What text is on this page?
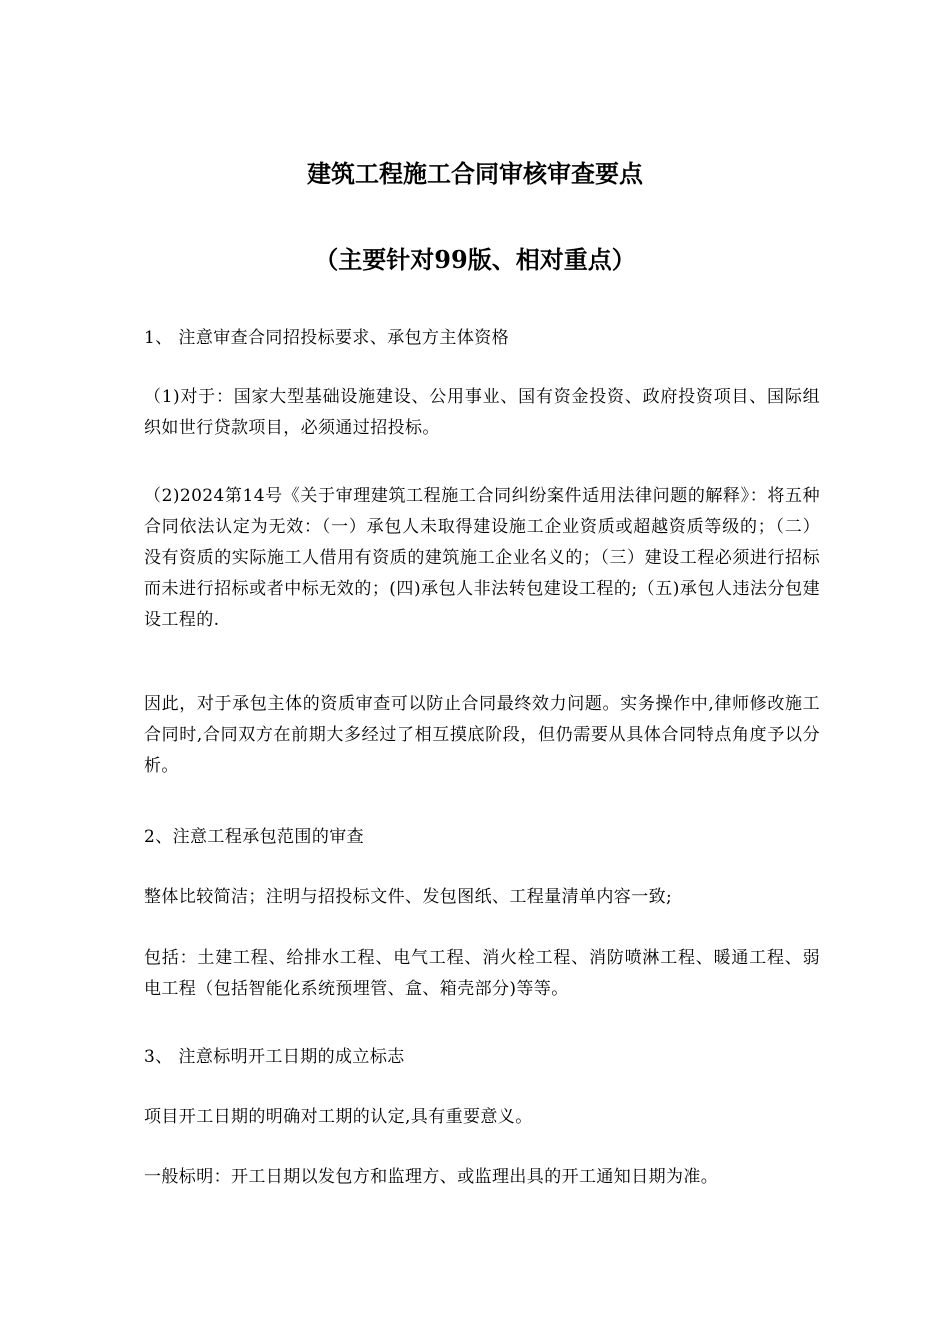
建筑工程施工合同审核审查要点
（主要针对99版、相对重点）

1、 注意审查合同招投标要求、承包方主体资格

（1)对于：国家大型基础设施建设、公用事业、国有资金投资、政府投资项目、国际组织如世行贷款项目，必须通过招投标。

（2)2024第14号《关于审理建筑工程施工合同纠纷案件适用法律问题的解释》：将五种合同依法认定为无效：（一）承包人未取得建设施工企业资质或超越资质等级的；（二）没有资质的实际施工人借用有资质的建筑施工企业名义的；（三）建设工程必须进行招标而未进行招标或者中标无效的；(四)承包人非法转包建设工程的;（五)承包人违法分包建设工程的.

因此，对于承包主体的资质审查可以防止合同最终效力问题。实务操作中,律师修改施工合同时,合同双方在前期大多经过了相互摸底阶段，但仍需要从具体合同特点角度予以分析。

2、注意工程承包范围的审查

整体比较简洁；注明与招投标文件、发包图纸、工程量清单内容一致;

包括：土建工程、给排水工程、电气工程、消火栓工程、消防喷淋工程、暖通工程、弱电工程（包括智能化系统预埋管、盒、箱壳部分)等等。

3、 注意标明开工日期的成立标志

项目开工日期的明确对工期的认定,具有重要意义。

一般标明：开工日期以发包方和监理方、或监理出具的开工通知日期为准。
